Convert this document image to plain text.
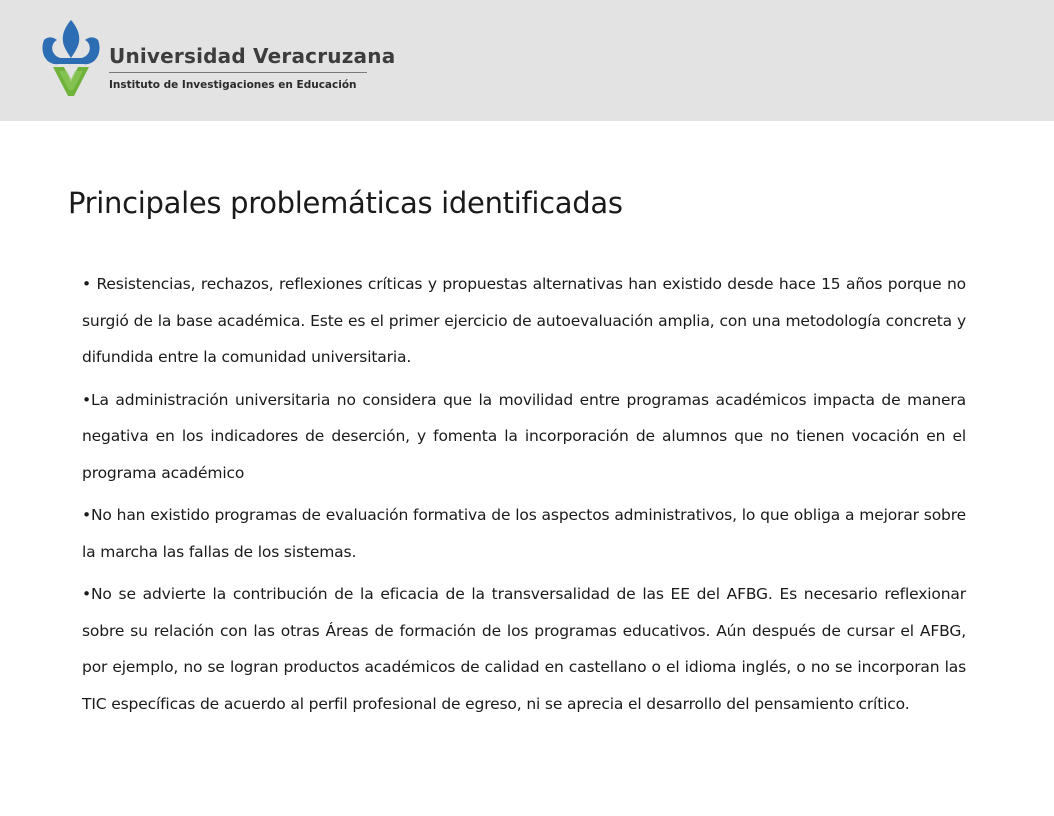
Universidad Veracruzana
Instituto de Investigaciones en Educación
Principales problemáticas identificadas
• Resistencias, rechazos, reflexiones críticas y propuestas alternativas han existido desde hace 15 años porque no surgió de la base académica. Este es el primer ejercicio de autoevaluación amplia, con una metodología concreta y difundida entre la comunidad universitaria.
•La administración universitaria no considera que la movilidad entre programas académicos impacta de manera negativa en los indicadores de deserción, y fomenta la incorporación de alumnos que no tienen vocación en el programa académico
•No han existido programas de evaluación formativa de los aspectos administrativos, lo que obliga a mejorar sobre la marcha las fallas de los sistemas.
•No se advierte la contribución de la eficacia de la transversalidad de las EE del AFBG. Es necesario reflexionar sobre su relación con las otras Áreas de formación de los programas educativos. Aún después de cursar el AFBG, por ejemplo, no se logran productos académicos de calidad en castellano o el idioma inglés, o no se incorporan las TIC específicas de acuerdo al perfil profesional de egreso, ni se aprecia el desarrollo del pensamiento crítico.
